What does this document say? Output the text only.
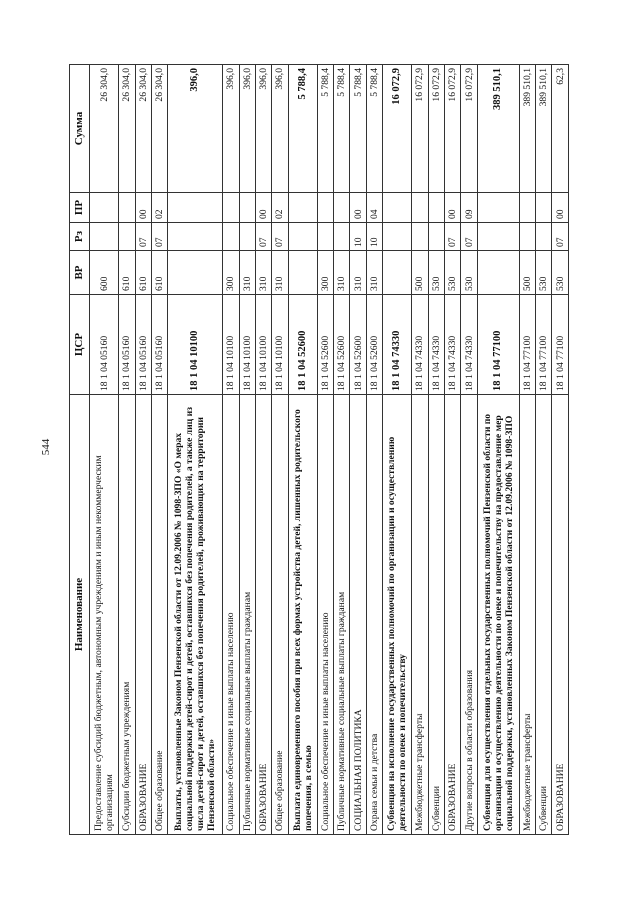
544
Наименование	ЦСР	ВР	Рз	ПР	Сумма
Предоставление субсидий бюджетным, автономным учреждениям и иным некоммерческим организациям	18 1 04 05160	600			26 304,0
Субсидии бюджетным учреждениям	18 1 04 05160	610			26 304,0
ОБРАЗОВАНИЕ	18 1 04 05160	610	07	00	26 304,0
Общее образование	18 1 04 05160	610	07	02	26 304,0
Выплаты, установленные Законом Пензенской области от 12.09.2006 № 1098-ЗПО «О мерах социальной поддержки детей-сирот и детей, оставшихся без попечения родителей, а также лиц из числа детей-сирот и детей, оставшихся без попечения родителей, проживающих на территории Пензенской области»	18 1 04 10100				396,0
Социальное обеспечение и иные выплаты населению	18 1 04 10100	300			396,0
Публичные нормативные социальные выплаты гражданам	18 1 04 10100	310			396,0
ОБРАЗОВАНИЕ	18 1 04 10100	310	07	00	396,0
Общее образование	18 1 04 10100	310	07	02	396,0
Выплата единовременного пособия при всех формах устройства детей, лишенных родительского попечения, в семью	18 1 04 52600				5 788,4
Социальное обеспечение и иные выплаты населению	18 1 04 52600	300			5 788,4
Публичные нормативные социальные выплаты гражданам	18 1 04 52600	310			5 788,4
СОЦИАЛЬНАЯ ПОЛИТИКА	18 1 04 52600	310	10	00	5 788,4
Охрана семьи и детства	18 1 04 52600	310	10	04	5 788,4
Субвенция на исполнение государственных полномочий по организации и осуществлению деятельности по опеке и попечительству	18 1 04 74330				16 072,9
Межбюджетные трансферты	18 1 04 74330	500			16 072,9
Субвенции	18 1 04 74330	530			16 072,9
ОБРАЗОВАНИЕ	18 1 04 74330	530	07	00	16 072,9
Другие вопросы в области образования	18 1 04 74330	530	07	09	16 072,9
Субвенция для осуществления отдельных государственных полномочий Пензенской области по организации и осуществлению деятельности по опеке и попечительству на предоставление мер социальной поддержки, установленных Законом Пензенской области от 12.09.2006 № 1098-ЗПО	18 1 04 77100				389 510,1
Межбюджетные трансферты	18 1 04 77100	500			389 510,1
Субвенции	18 1 04 77100	530			389 510,1
ОБРАЗОВАНИЕ	18 1 04 77100	530	07	00	62,3
